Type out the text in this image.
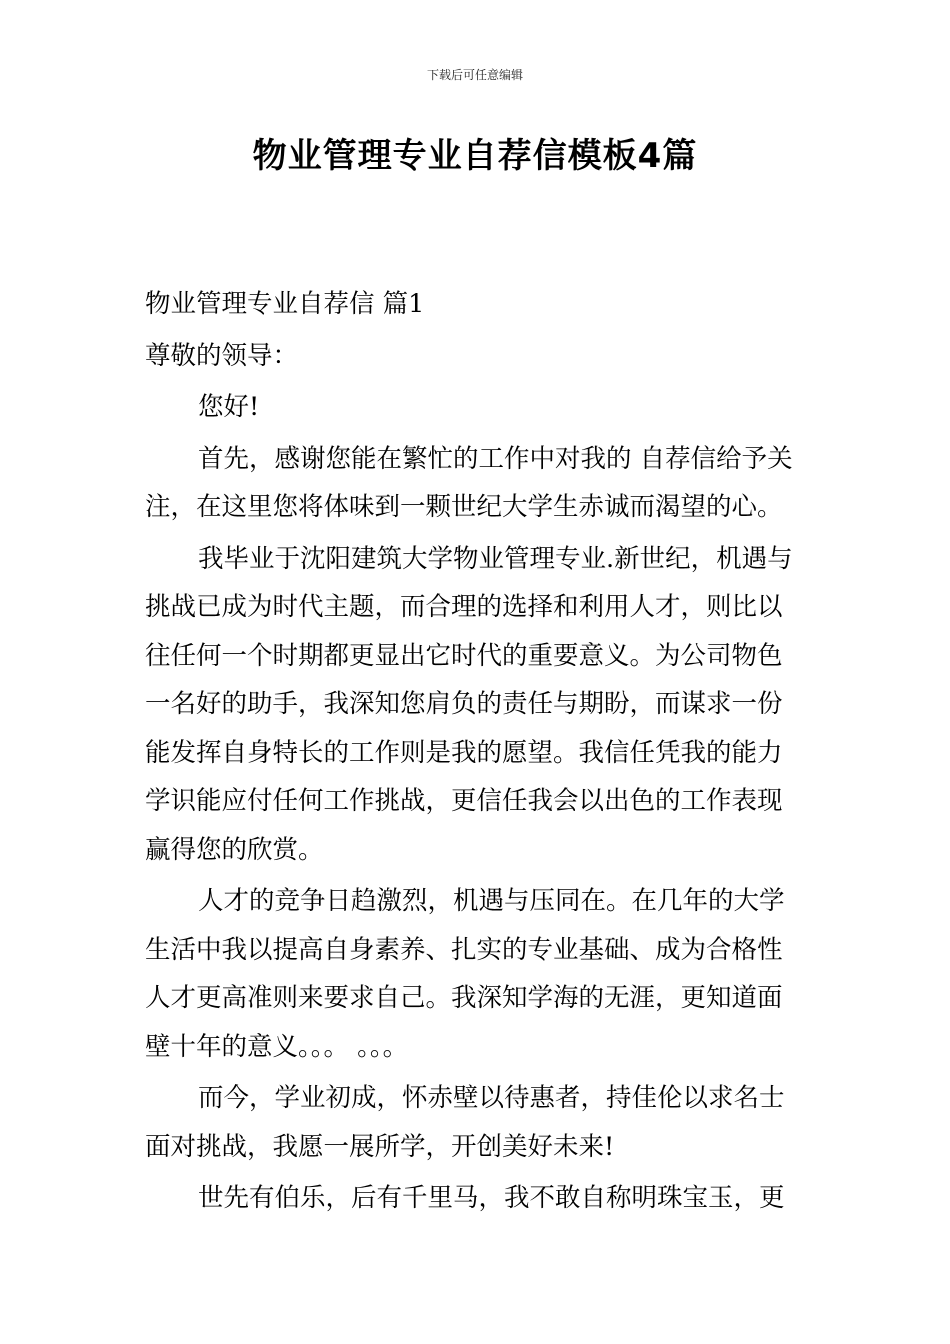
下载后可任意编辑
物业管理专业自荐信模板4篇
物业管理专业自荐信 篇1
尊敬的领导：
您好!
首先，感谢您能在繁忙的工作中对我的 自荐信给予关
注，在这里您将体味到一颗世纪大学生赤诚而渴望的心。
我毕业于沈阳建筑大学物业管理专业.新世纪，机遇与
挑战已成为时代主题，而合理的选择和利用人才，则比以
往任何一个时期都更显出它时代的重要意义。为公司物色
一名好的助手，我深知您肩负的责任与期盼，而谋求一份
能发挥自身特长的工作则是我的愿望。我信任凭我的能力
学识能应付任何工作挑战，更信任我会以出色的工作表现
赢得您的欣赏。
人才的竞争日趋激烈，机遇与压同在。在几年的大学
生活中我以提高自身素养、扎实的专业基础、成为合格性
人才更高准则来要求自己。我深知学海的无涯，更知道面
壁十年的意义。。。 。。。
而今，学业初成，怀赤壁以待惠者，持佳伦以求名士
面对挑战，我愿一展所学，开创美好未来!
世先有伯乐，后有千里马，我不敢自称明珠宝玉，更
